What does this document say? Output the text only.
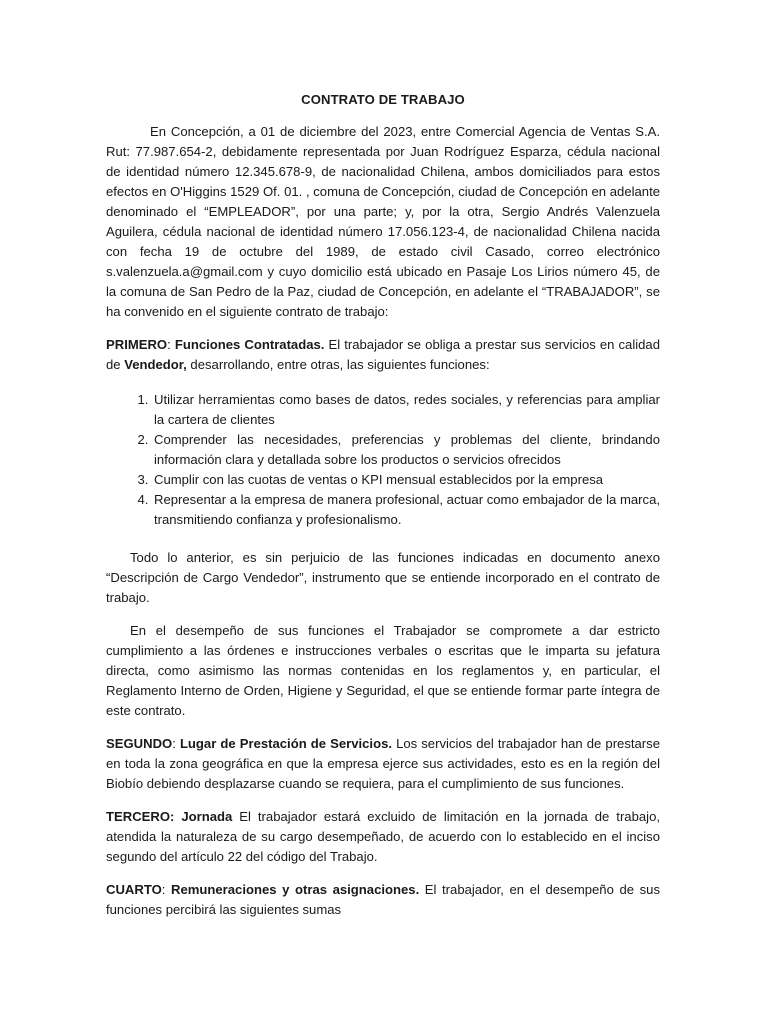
CONTRATO DE TRABAJO

En Concepción, a 01 de diciembre del 2023, entre Comercial Agencia de Ventas S.A. Rut: 77.987.654-2, debidamente representada por Juan Rodríguez Esparza, cédula nacional de identidad número 12.345.678-9, de nacionalidad Chilena, ambos domiciliados para estos efectos en O'Higgins 1529 Of. 01. , comuna de Concepción, ciudad de Concepción en adelante denominado el “EMPLEADOR”, por una parte; y, por la otra, Sergio Andrés Valenzuela Aguilera, cédula nacional de identidad número 17.056.123-4, de nacionalidad Chilena nacida con fecha 19 de octubre del 1989, de estado civil Casado, correo electrónico s.valenzuela.a@gmail.com y cuyo domicilio está ubicado en Pasaje Los Lirios número 45, de la comuna de San Pedro de la Paz, ciudad de Concepción, en adelante el “TRABAJADOR”, se ha convenido en el siguiente contrato de trabajo:

PRIMERO: Funciones Contratadas. El trabajador se obliga a prestar sus servicios en calidad de Vendedor, desarrollando, entre otras, las siguientes funciones:

1. Utilizar herramientas como bases de datos, redes sociales, y referencias para ampliar la cartera de clientes
2. Comprender las necesidades, preferencias y problemas del cliente, brindando información clara y detallada sobre los productos o servicios ofrecidos
3. Cumplir con las cuotas de ventas o KPI mensual establecidos por la empresa
4. Representar a la empresa de manera profesional, actuar como embajador de la marca, transmitiendo confianza y profesionalismo.

Todo lo anterior, es sin perjuicio de las funciones indicadas en documento anexo “Descripción de Cargo Vendedor”, instrumento que se entiende incorporado en el contrato de trabajo.

En el desempeño de sus funciones el Trabajador se compromete a dar estricto cumplimiento a las órdenes e instrucciones verbales o escritas que le imparta su jefatura directa, como asimismo las normas contenidas en los reglamentos y, en particular, el Reglamento Interno de Orden, Higiene y Seguridad, el que se entiende formar parte íntegra de este contrato.

SEGUNDO: Lugar de Prestación de Servicios. Los servicios del trabajador han de prestarse en toda la zona geográfica en que la empresa ejerce sus actividades, esto es en la región del Biobío debiendo desplazarse cuando se requiera, para el cumplimiento de sus funciones.

TERCERO: Jornada El trabajador estará excluido de limitación en la jornada de trabajo, atendida la naturaleza de su cargo desempeñado, de acuerdo con lo establecido en el inciso segundo del artículo 22 del código del Trabajo.

CUARTO: Remuneraciones y otras asignaciones. El trabajador, en el desempeño de sus funciones percibirá las siguientes sumas
